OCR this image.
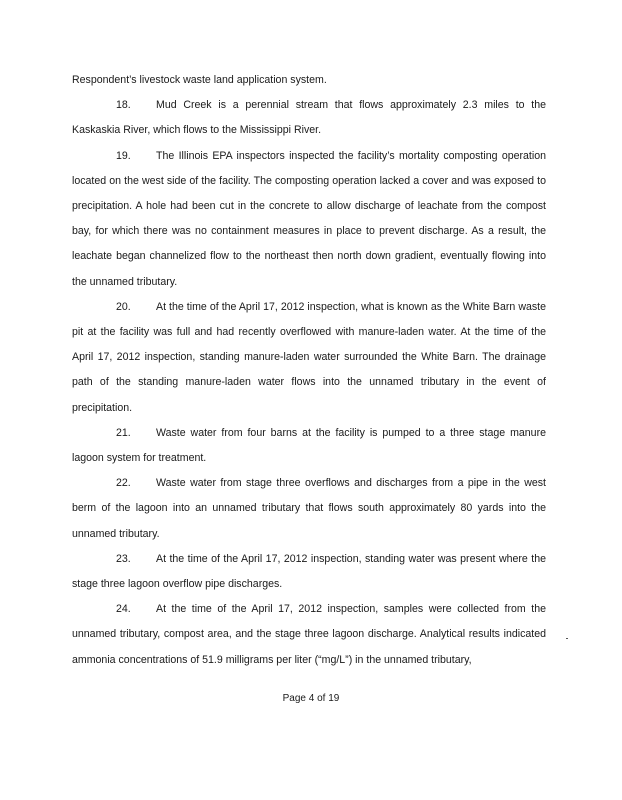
Respondent’s livestock waste land application system.

18. Mud Creek is a perennial stream that flows approximately 2.3 miles to the Kaskaskia River, which flows to the Mississippi River.

19. The Illinois EPA inspectors inspected the facility’s mortality composting operation located on the west side of the facility. The composting operation lacked a cover and was exposed to precipitation. A hole had been cut in the concrete to allow discharge of leachate from the compost bay, for which there was no containment measures in place to prevent discharge. As a result, the leachate began channelized flow to the northeast then north down gradient, eventually flowing into the unnamed tributary.

20. At the time of the April 17, 2012 inspection, what is known as the White Barn waste pit at the facility was full and had recently overflowed with manure-laden water. At the time of the April 17, 2012 inspection, standing manure-laden water surrounded the White Barn. The drainage path of the standing manure-laden water flows into the unnamed tributary in the event of precipitation.

21. Waste water from four barns at the facility is pumped to a three stage manure lagoon system for treatment.

22. Waste water from stage three overflows and discharges from a pipe in the west berm of the lagoon into an unnamed tributary that flows south approximately 80 yards into the unnamed tributary.

23. At the time of the April 17, 2012 inspection, standing water was present where the stage three lagoon overflow pipe discharges.

24. At the time of the April 17, 2012 inspection, samples were collected from the unnamed tributary, compost area, and the stage three lagoon discharge. Analytical results indicated ammonia concentrations of 51.9 milligrams per liter (“mg/L”) in the unnamed tributary,

Page 4 of 19
